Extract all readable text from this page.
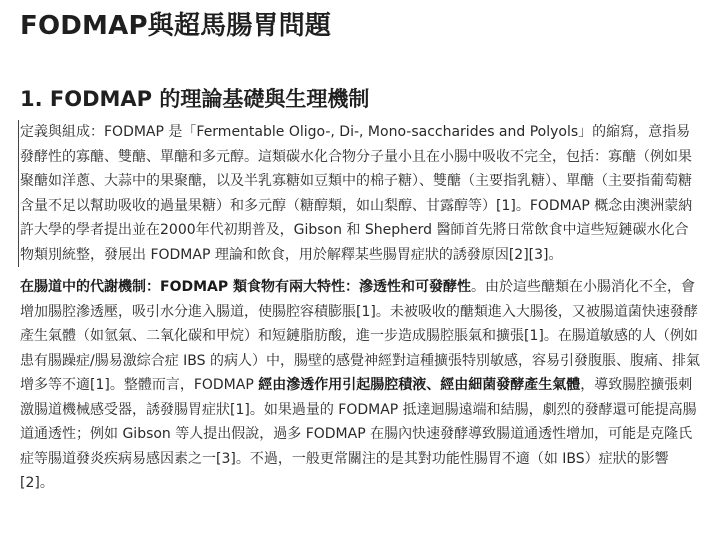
FODMAP與超馬腸胃問題
1. FODMAP 的理論基礎與生理機制

定義與組成：FODMAP 是「Fermentable Oligo-, Di-, Mono-saccharides and Polyols」的縮寫，意指易發酵性的寡醣、雙醣、單醣和多元醇。這類碳水化合物分子量小且在小腸中吸收不完全，包括：寡醣（例如果聚醣如洋蔥、大蒜中的果聚醣，以及半乳寡糖如豆類中的棉子糖）、雙醣（主要指乳糖）、單醣（主要指葡萄糖含量不足以幫助吸收的過量果糖）和多元醇（糖醇類，如山梨醇、甘露醇等）[1]。FODMAP 概念由澳洲蒙納許大學的學者提出並在2000年代初期普及，Gibson 和 Shepherd 醫師首先將日常飲食中這些短鏈碳水化合物類別統整，發展出 FODMAP 理論和飲食，用於解釋某些腸胃症狀的誘發原因[2][3]。

在腸道中的代謝機制：FODMAP 類食物有兩大特性：滲透性和可發酵性。由於這些醣類在小腸消化不全，會增加腸腔滲透壓，吸引水分進入腸道，使腸腔容積膨脹[1]。未被吸收的醣類進入大腸後，又被腸道菌快速發酵產生氣體（如氫氣、二氧化碳和甲烷）和短鏈脂肪酸，進一步造成腸腔脹氣和擴張[1]。在腸道敏感的人（例如患有腸躁症/腸易激綜合症 IBS 的病人）中，腸壁的感覺神經對這種擴張特別敏感，容易引發腹脹、腹痛、排氣增多等不適[1]。整體而言，FODMAP 經由滲透作用引起腸腔積液、經由細菌發酵產生氣體，導致腸腔擴張刺激腸道機械感受器，誘發腸胃症狀[1]。如果過量的 FODMAP 抵達迴腸遠端和結腸，劇烈的發酵還可能提高腸道通透性；例如 Gibson 等人提出假說，過多 FODMAP 在腸內快速發酵導致腸道通透性增加，可能是克隆氏症等腸道發炎疾病易感因素之一[3]。不過，一般更常關注的是其對功能性腸胃不適（如 IBS）症狀的影響[2]。
